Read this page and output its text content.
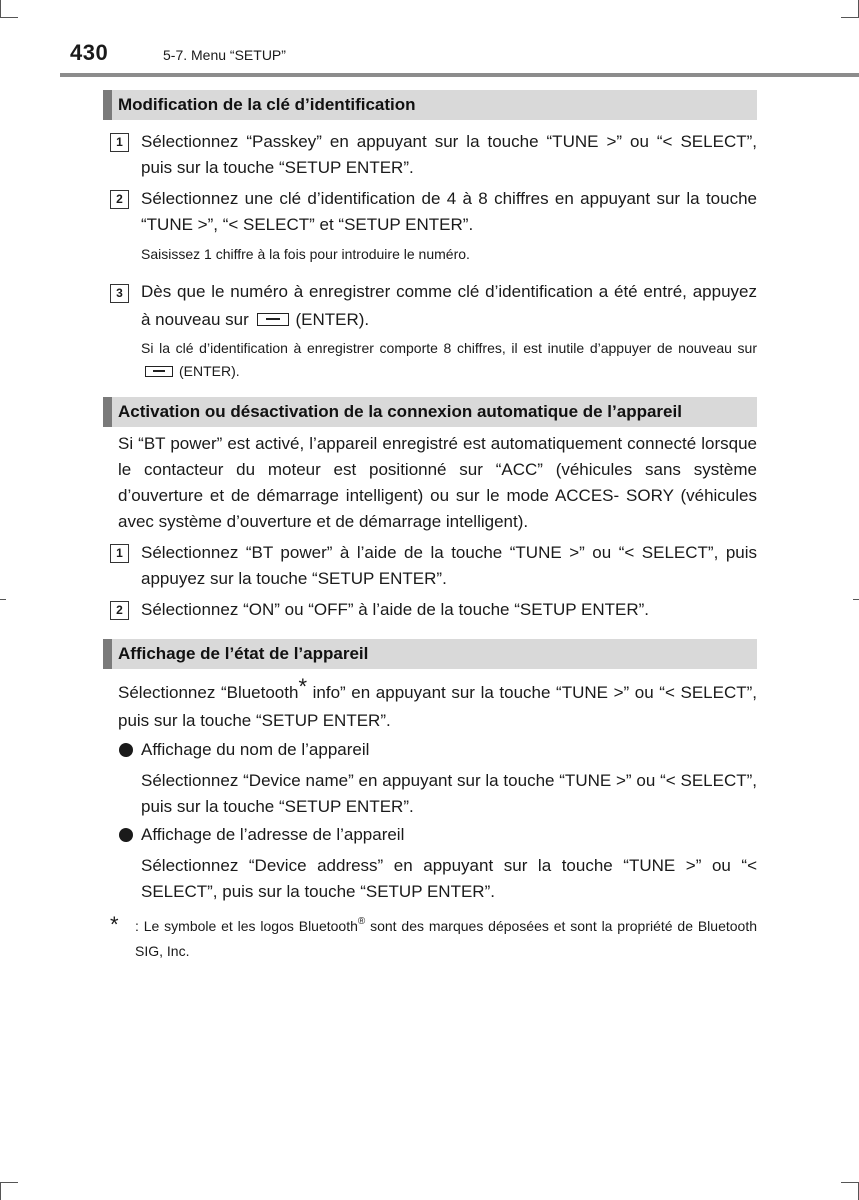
430	5-7. Menu “SETUP”
Modification de la clé d’identification
1	Sélectionnez “Passkey” en appuyant sur la touche “TUNE >” ou “< SELECT”, puis sur la touche “SETUP ENTER”.
2	Sélectionnez une clé d’identification de 4 à 8 chiffres en appuyant sur la touche “TUNE >”, “< SELECT” et “SETUP ENTER”.
Saisissez 1 chiffre à la fois pour introduire le numéro.
3	Dès que le numéro à enregistrer comme clé d’identification a été entré, appuyez à nouveau sur	(ENTER).
Si la clé d’identification à enregistrer comporte 8 chiffres, il est inutile d’appuyer de nouveau sur (ENTER).
Activation ou désactivation de la connexion automatique de l’appareil
Si “BT power” est activé, l’appareil enregistré est automatiquement connecté lorsque le contacteur du moteur est positionné sur “ACC” (véhicules sans système d’ouverture et de démarrage intelligent) ou sur le mode ACCES- SORY (véhicules avec système d’ouverture et de démarrage intelligent).
1	Sélectionnez “BT power” à l’aide de la touche “TUNE >” ou “< SELECT”, puis appuyez sur la touche “SETUP ENTER”.
2	Sélectionnez “ON” ou “OFF” à l’aide de la touche “SETUP ENTER”.
Affichage de l’état de l’appareil
Sélectionnez “Bluetooth* info” en appuyant sur la touche “TUNE >” ou “< SELECT”, puis sur la touche “SETUP ENTER”.
Affichage du nom de l’appareil
Sélectionnez “Device name” en appuyant sur la touche “TUNE >” ou “< SELECT”, puis sur la touche “SETUP ENTER”.
Affichage de l’adresse de l’appareil
Sélectionnez “Device address” en appuyant sur la touche “TUNE >” ou “< SELECT”, puis sur la touche “SETUP ENTER”.
* : Le symbole et les logos Bluetooth® sont des marques déposées et sont la propriété de Bluetooth SIG, Inc.
